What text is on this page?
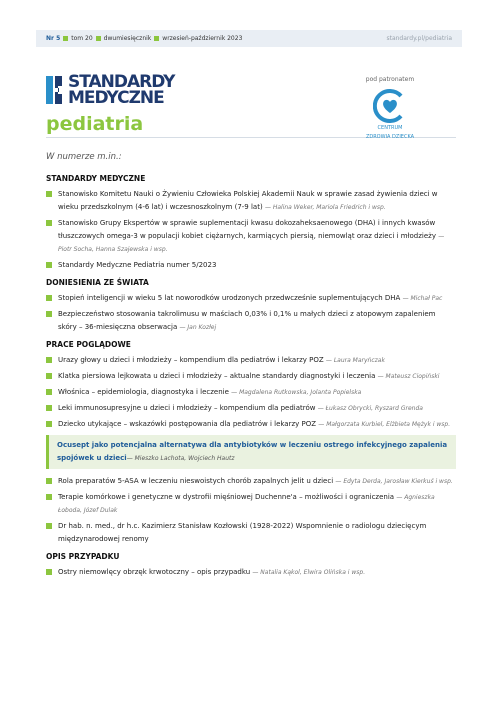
Nr 5 tom 20 dwumiesięcznik wrzesień-październik 2023	standardy.pl/pediatria
STANDARDY
MEDYCZNE
pediatria
pod patronatem
CENTRUM
ZDROWIA DZIECKA
W numerze m.in.:
STANDARDY MEDYCZNE
Stanowisko Komitetu Nauki o Żywieniu Człowieka Polskiej Akademii Nauk w sprawie zasad żywienia dzieci w wieku przedszkolnym (4-6 lat) i wczesnoszkolnym (7-9 lat) — Halina Weker, Mariola Friedrich i wsp.
Stanowisko Grupy Ekspertów w sprawie suplementacji kwasu dokozaheksaenowego (DHA) i innych kwasów tłuszczowych omega-3 w populacji kobiet ciężarnych, karmiących piersią, niemowląt oraz dzieci i młodzieży — Piotr Socha, Hanna Szajewska i wsp.
Standardy Medyczne Pediatria numer 5/2023
DONIESIENIA ZE ŚWIATA
Stopień inteligencji w wieku 5 lat noworodków urodzonych przedwcześnie suplementujących DHA — Michał Pac
Bezpieczeństwo stosowania takrolimusu w maściach 0,03% i 0,1% u małych dzieci z atopowym zapaleniem skóry – 36-miesięczna obserwacja — Jan Kozłej
PRACE POGLĄDOWE
Urazy głowy u dzieci i młodzieży – kompendium dla pediatrów i lekarzy POZ — Laura Maryńczak
Klatka piersiowa lejkowata u dzieci i młodzieży – aktualne standardy diagnostyki i leczenia — Mateusz Ciopiński
Włośnica – epidemiologia, diagnostyka i leczenie — Magdalena Rutkowska, Jolanta Popielska
Leki immunosupresyjne u dzieci i młodzieży – kompendium dla pediatrów — Łukasz Obrycki, Ryszard Grenda
Dziecko utykające – wskazówki postępowania dla pediatrów i lekarzy POZ — Małgorzata Kurbiel, Elżbieta Mężyk i wsp.
Ocusept jako potencjalna alternatywa dla antybiotyków w leczeniu ostrego infekcyjnego zapalenia spojówek u dzieci— Mieszko Lachota, Wojciech Hautz
Rola preparatów 5-ASA w leczeniu nieswoistych chorób zapalnych jelit u dzieci — Edyta Derda, Jarosław Kierkuś i wsp.
Terapie komórkowe i genetyczne w dystrofii mięśniowej Duchenne'a – możliwości i ograniczenia — Agnieszka Łoboda, Józef Dulak
Dr hab. n. med., dr h.c. Kazimierz Stanisław Kozłowski (1928-2022) Wspomnienie o radiologu dziecięcym międzynarodowej renomy
OPIS PRZYPADKU
Ostry niemowlęcy obrzęk krwotoczny – opis przypadku — Natalia Kąkol, Elwira Olińska i wsp.
